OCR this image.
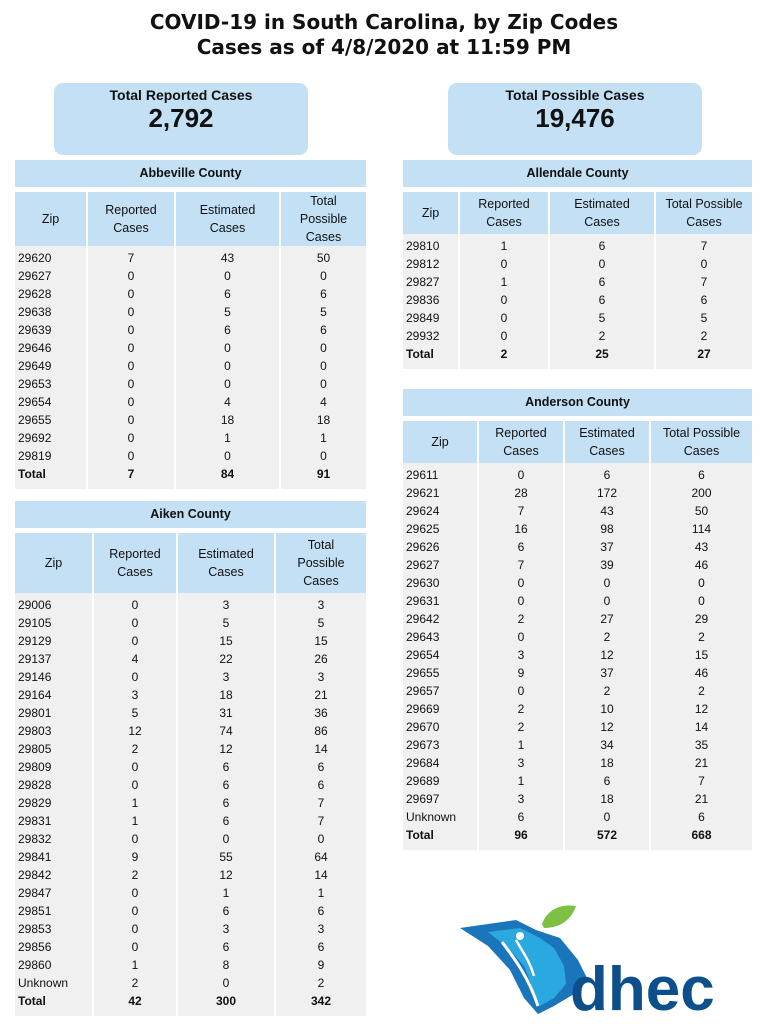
COVID-19 in South Carolina, by Zip Codes
Cases as of 4/8/2020 at 11:59 PM
Total Reported Cases
2,792
Total Possible Cases
19,476
Abbeville County
Zip	Reported Cases	Estimated Cases	Total Possible Cases
29620	7	43	50
29627	0	0	0
29628	0	6	6
29638	0	5	5
29639	0	6	6
29646	0	0	0
29649	0	0	0
29653	0	0	0
29654	0	4	4
29655	0	18	18
29692	0	1	1
29819	0	0	0
Total	7	84	91

Allendale County
Zip	Reported Cases	Estimated Cases	Total Possible Cases
29810	1	6	7
29812	0	0	0
29827	1	6	7
29836	0	6	6
29849	0	5	5
29932	0	2	2
Total	2	25	27

Aiken County
Zip	Reported Cases	Estimated Cases	Total Possible Cases
29006	0	3	3
29105	0	5	5
29129	0	15	15
29137	4	22	26
29146	0	3	3
29164	3	18	21
29801	5	31	36
29803	12	74	86
29805	2	12	14
29809	0	6	6
29828	0	6	6
29829	1	6	7
29831	1	6	7
29832	0	0	0
29841	9	55	64
29842	2	12	14
29847	0	1	1
29851	0	6	6
29853	0	3	3
29856	0	6	6
29860	1	8	9
Unknown	2	0	2
Total	42	300	342

Anderson County
Zip	Reported Cases	Estimated Cases	Total Possible Cases
29611	0	6	6
29621	28	172	200
29624	7	43	50
29625	16	98	114
29626	6	37	43
29627	7	39	46
29630	0	0	0
29631	0	0	0
29642	2	27	29
29643	0	2	2
29654	3	12	15
29655	9	37	46
29657	0	2	2
29669	2	10	12
29670	2	12	14
29673	1	34	35
29684	3	18	21
29689	1	6	7
29697	3	18	21
Unknown	6	0	6
Total	96	572	668

dhec
